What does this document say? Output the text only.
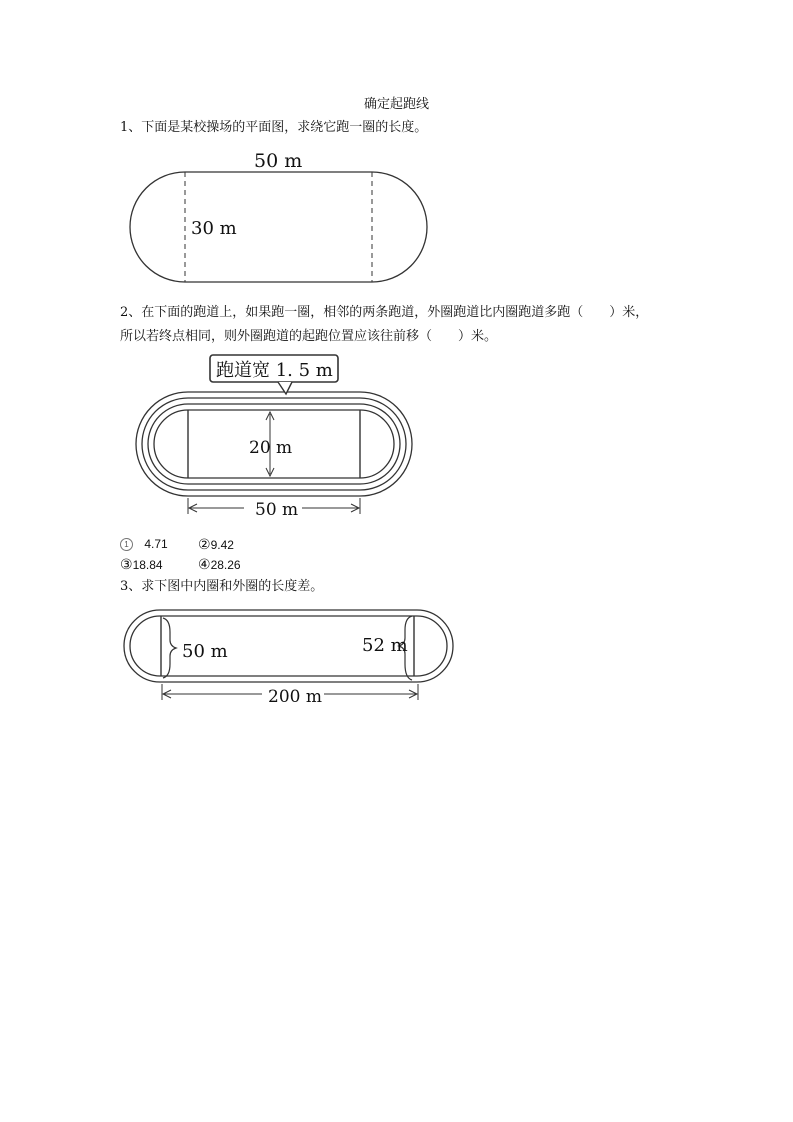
确定起跑线
1、下面是某校操场的平面图，求绕它跑一圈的长度。
50 m
30 m
跑道宽 1. 5 m
20 m
50 m
50 m	52 m
200 m
2、在下面的跑道上，如果跑一圈，相邻的两条跑道，外圈跑道比内圈跑道多跑（　　）米，
所以若终点相同，则外圈跑道的起跑位置应该往前移（　　）米。
1 4.71 ②9.42
③18.84	④28.26
3、求下图中内圈和外圈的长度差。
